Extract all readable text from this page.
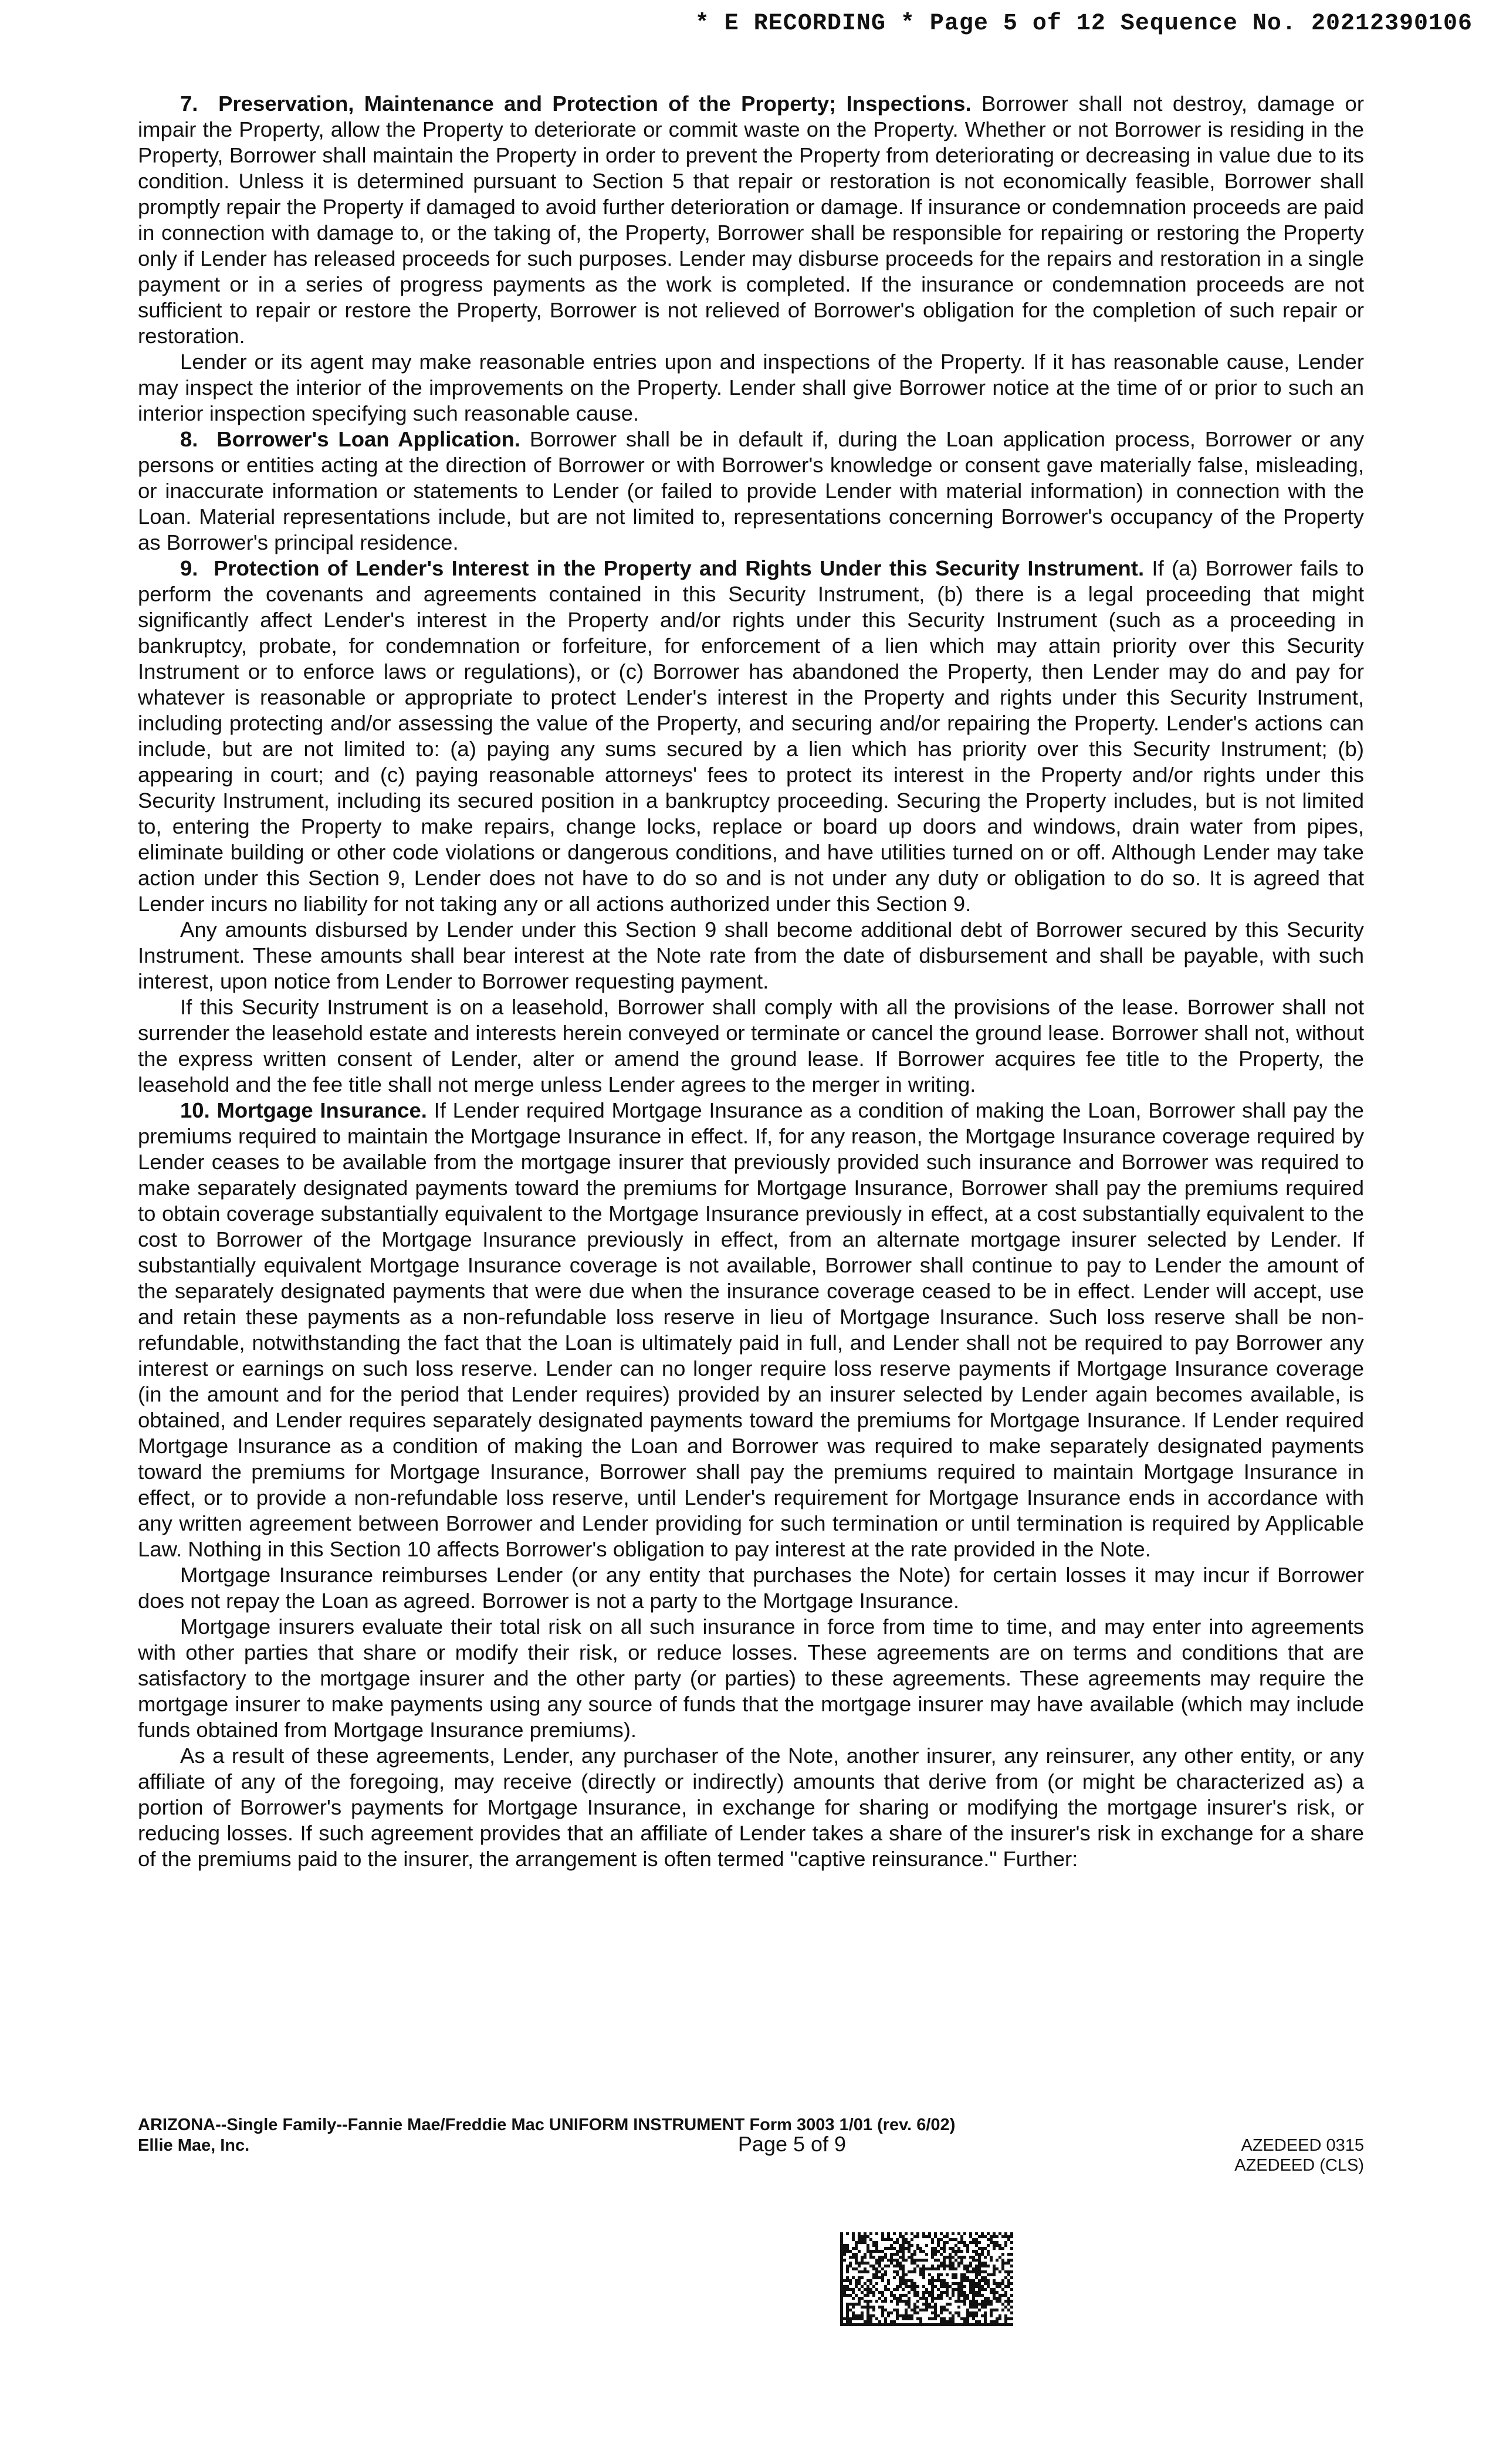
* E RECORDING * Page 5 of 12 Sequence No. 20212390106

7. Preservation, Maintenance and Protection of the Property; Inspections. Borrower shall not destroy, damage or impair the Property, allow the Property to deteriorate or commit waste on the Property. Whether or not Borrower is residing in the Property, Borrower shall maintain the Property in order to prevent the Property from deteriorating or decreasing in value due to its condition. Unless it is determined pursuant to Section 5 that repair or restoration is not economically feasible, Borrower shall promptly repair the Property if damaged to avoid further deterioration or damage. If insurance or condemnation proceeds are paid in connection with damage to, or the taking of, the Property, Borrower shall be responsible for repairing or restoring the Property only if Lender has released proceeds for such purposes. Lender may disburse proceeds for the repairs and restoration in a single payment or in a series of progress payments as the work is completed. If the insurance or condemnation proceeds are not sufficient to repair or restore the Property, Borrower is not relieved of Borrower's obligation for the completion of such repair or restoration.

Lender or its agent may make reasonable entries upon and inspections of the Property. If it has reasonable cause, Lender may inspect the interior of the improvements on the Property. Lender shall give Borrower notice at the time of or prior to such an interior inspection specifying such reasonable cause.

8. Borrower's Loan Application. Borrower shall be in default if, during the Loan application process, Borrower or any persons or entities acting at the direction of Borrower or with Borrower's knowledge or consent gave materially false, misleading, or inaccurate information or statements to Lender (or failed to provide Lender with material information) in connection with the Loan. Material representations include, but are not limited to, representations concerning Borrower's occupancy of the Property as Borrower's principal residence.

9. Protection of Lender's Interest in the Property and Rights Under this Security Instrument. If (a) Borrower fails to perform the covenants and agreements contained in this Security Instrument, (b) there is a legal proceeding that might significantly affect Lender's interest in the Property and/or rights under this Security Instrument (such as a proceeding in bankruptcy, probate, for condemnation or forfeiture, for enforcement of a lien which may attain priority over this Security Instrument or to enforce laws or regulations), or (c) Borrower has abandoned the Property, then Lender may do and pay for whatever is reasonable or appropriate to protect Lender's interest in the Property and rights under this Security Instrument, including protecting and/or assessing the value of the Property, and securing and/or repairing the Property. Lender's actions can include, but are not limited to: (a) paying any sums secured by a lien which has priority over this Security Instrument; (b) appearing in court; and (c) paying reasonable attorneys' fees to protect its interest in the Property and/or rights under this Security Instrument, including its secured position in a bankruptcy proceeding. Securing the Property includes, but is not limited to, entering the Property to make repairs, change locks, replace or board up doors and windows, drain water from pipes, eliminate building or other code violations or dangerous conditions, and have utilities turned on or off. Although Lender may take action under this Section 9, Lender does not have to do so and is not under any duty or obligation to do so. It is agreed that Lender incurs no liability for not taking any or all actions authorized under this Section 9.

Any amounts disbursed by Lender under this Section 9 shall become additional debt of Borrower secured by this Security Instrument. These amounts shall bear interest at the Note rate from the date of disbursement and shall be payable, with such interest, upon notice from Lender to Borrower requesting payment.

If this Security Instrument is on a leasehold, Borrower shall comply with all the provisions of the lease. Borrower shall not surrender the leasehold estate and interests herein conveyed or terminate or cancel the ground lease. Borrower shall not, without the express written consent of Lender, alter or amend the ground lease. If Borrower acquires fee title to the Property, the leasehold and the fee title shall not merge unless Lender agrees to the merger in writing.

10. Mortgage Insurance. If Lender required Mortgage Insurance as a condition of making the Loan, Borrower shall pay the premiums required to maintain the Mortgage Insurance in effect. If, for any reason, the Mortgage Insurance coverage required by Lender ceases to be available from the mortgage insurer that previously provided such insurance and Borrower was required to make separately designated payments toward the premiums for Mortgage Insurance, Borrower shall pay the premiums required to obtain coverage substantially equivalent to the Mortgage Insurance previously in effect, at a cost substantially equivalent to the cost to Borrower of the Mortgage Insurance previously in effect, from an alternate mortgage insurer selected by Lender. If substantially equivalent Mortgage Insurance coverage is not available, Borrower shall continue to pay to Lender the amount of the separately designated payments that were due when the insurance coverage ceased to be in effect. Lender will accept, use and retain these payments as a non-refundable loss reserve in lieu of Mortgage Insurance. Such loss reserve shall be non-refundable, notwithstanding the fact that the Loan is ultimately paid in full, and Lender shall not be required to pay Borrower any interest or earnings on such loss reserve. Lender can no longer require loss reserve payments if Mortgage Insurance coverage (in the amount and for the period that Lender requires) provided by an insurer selected by Lender again becomes available, is obtained, and Lender requires separately designated payments toward the premiums for Mortgage Insurance. If Lender required Mortgage Insurance as a condition of making the Loan and Borrower was required to make separately designated payments toward the premiums for Mortgage Insurance, Borrower shall pay the premiums required to maintain Mortgage Insurance in effect, or to provide a non-refundable loss reserve, until Lender's requirement for Mortgage Insurance ends in accordance with any written agreement between Borrower and Lender providing for such termination or until termination is required by Applicable Law. Nothing in this Section 10 affects Borrower's obligation to pay interest at the rate provided in the Note.

Mortgage Insurance reimburses Lender (or any entity that purchases the Note) for certain losses it may incur if Borrower does not repay the Loan as agreed. Borrower is not a party to the Mortgage Insurance.

Mortgage insurers evaluate their total risk on all such insurance in force from time to time, and may enter into agreements with other parties that share or modify their risk, or reduce losses. These agreements are on terms and conditions that are satisfactory to the mortgage insurer and the other party (or parties) to these agreements. These agreements may require the mortgage insurer to make payments using any source of funds that the mortgage insurer may have available (which may include funds obtained from Mortgage Insurance premiums).

As a result of these agreements, Lender, any purchaser of the Note, another insurer, any reinsurer, any other entity, or any affiliate of any of the foregoing, may receive (directly or indirectly) amounts that derive from (or might be characterized as) a portion of Borrower's payments for Mortgage Insurance, in exchange for sharing or modifying the mortgage insurer's risk, or reducing losses. If such agreement provides that an affiliate of Lender takes a share of the insurer's risk in exchange for a share of the premiums paid to the insurer, the arrangement is often termed "captive reinsurance." Further:

ARIZONA--Single Family--Fannie Mae/Freddie Mac UNIFORM INSTRUMENT Form 3003 1/01 (rev. 6/02)
Ellie Mae, Inc.	Page 5 of 9	AZEDEED 0315
AZEDEED (CLS)
